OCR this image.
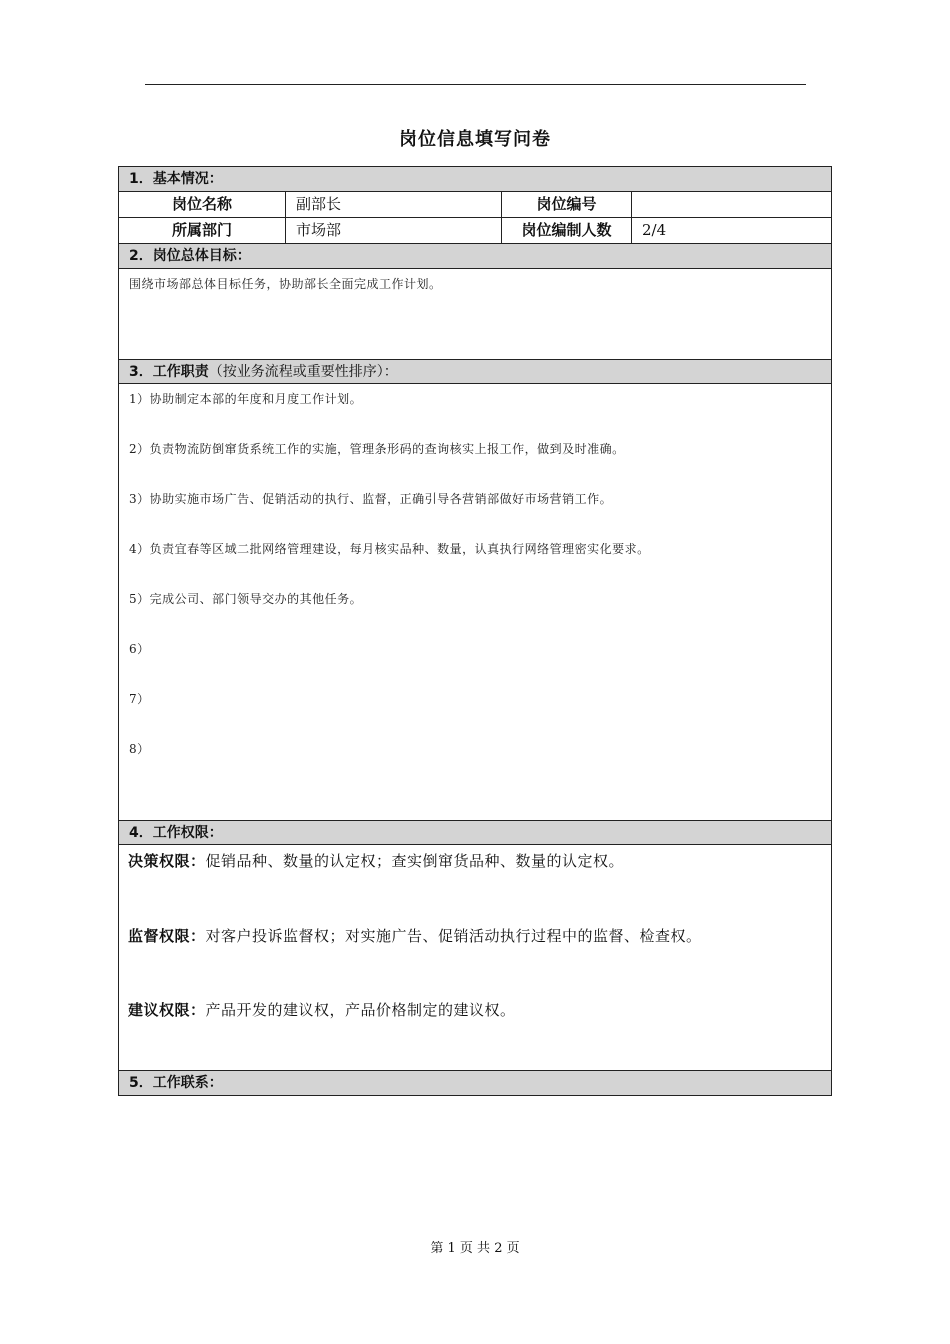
岗位信息填写问卷
1．基本情况：
岗位名称	副部长	岗位编号
所属部门	市场部	岗位编制人数	2/4
2．岗位总体目标：
围绕市场部总体目标任务，协助部长全面完成工作计划。
3．工作职责（按业务流程或重要性排序）：
1）协助制定本部的年度和月度工作计划。
2）负责物流防倒窜货系统工作的实施，管理条形码的查询核实上报工作，做到及时准确。
3）协助实施市场广告、促销活动的执行、监督，正确引导各营销部做好市场营销工作。
4）负责宜春等区域二批网络管理建设，每月核实品种、数量，认真执行网络管理密实化要求。
5）完成公司、部门领导交办的其他任务。
6）
7）
8）
4．工作权限：
决策权限：促销品种、数量的认定权；查实倒窜货品种、数量的认定权。
监督权限：对客户投诉监督权；对实施广告、促销活动执行过程中的监督、检查权。
建议权限：产品开发的建议权，产品价格制定的建议权。
5．工作联系：
第 1 页 共 2 页
